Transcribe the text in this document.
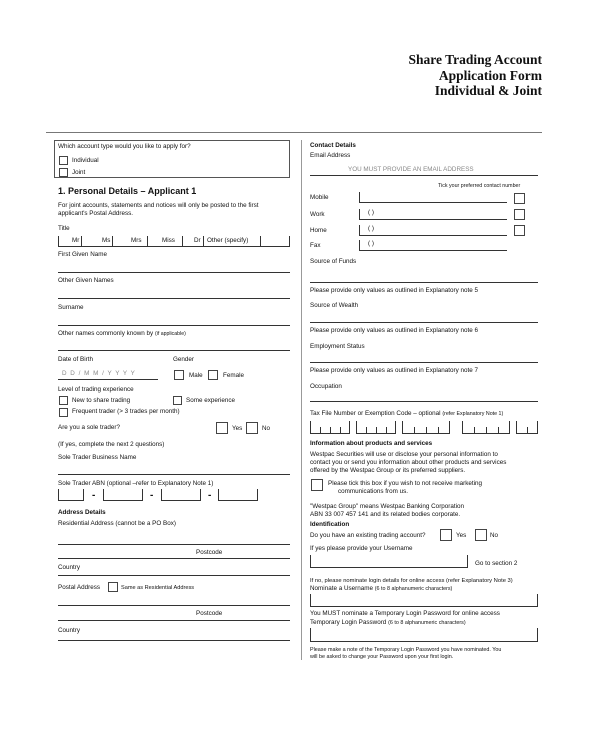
Share Trading Account
Application Form
Individual & Joint
Which account type would you like to apply for?
Individual
Joint
1. Personal Details – Applicant 1
For joint accounts, statements and notices will only be posted to the first
applicant's Postal Address.
Title
Mr	Ms	Mrs	Miss	Dr Other (specify)
First Given Name
Other Given Names
Surname
Other names commonly known by (if applicable)
Date of Birth
D D / M M / Y Y Y Y
Gender
Male	Female
Level of trading experience
New to share trading	Some experience
Frequent trader (> 3 trades per month)
Are you a sole trader?	Yes	No
(If yes, complete the next 2 questions)
Sole Trader Business Name
Sole Trader ABN (optional –refer to Explanatory Note 1)
-	-	-
Address Details
Residential Address (cannot be a PO Box)
Postcode
Country
Postal Address	Same as Residential Address
Postcode
Country
Contact Details
Email Address
YOU MUST PROVIDE AN EMAIL ADDRESS
Tick your preferred contact number
Mobile
Work	( )
Home	( )
Fax	( )
Source of Funds
Please provide only values as outlined in Explanatory note 5
Source of Wealth
Please provide only values as outlined in Explanatory note 6
Employment Status
Please provide only values as outlined in Explanatory note 7
Occupation
Tax File Number or Exemption Code – optional (refer Explanatory Note 1)
Information about products and services
Westpac Securities will use or disclose your personal information to
contact you or send you information about other products and services
offered by the Westpac Group or its preferred suppliers.
Please tick this box if you wish to not receive marketing
communications from us.
"Westpac Group" means Westpac Banking Corporation
ABN 33 007 457 141 and its related bodies corporate.
Identification
Do you have an existing trading account?	Yes	No
If yes please provide your Username
Go to section 2
If no, please nominate login details for online access (refer Explanatory Note 3)
Nominate a Username (6 to 8 alphanumeric characters)
You MUST nominate a Temporary Login Password for online access
Temporary Login Password (6 to 8 alphanumeric characters)
Please make a note of the Temporary Login Password you have nominated. You
will be asked to change your Password upon your first login.
